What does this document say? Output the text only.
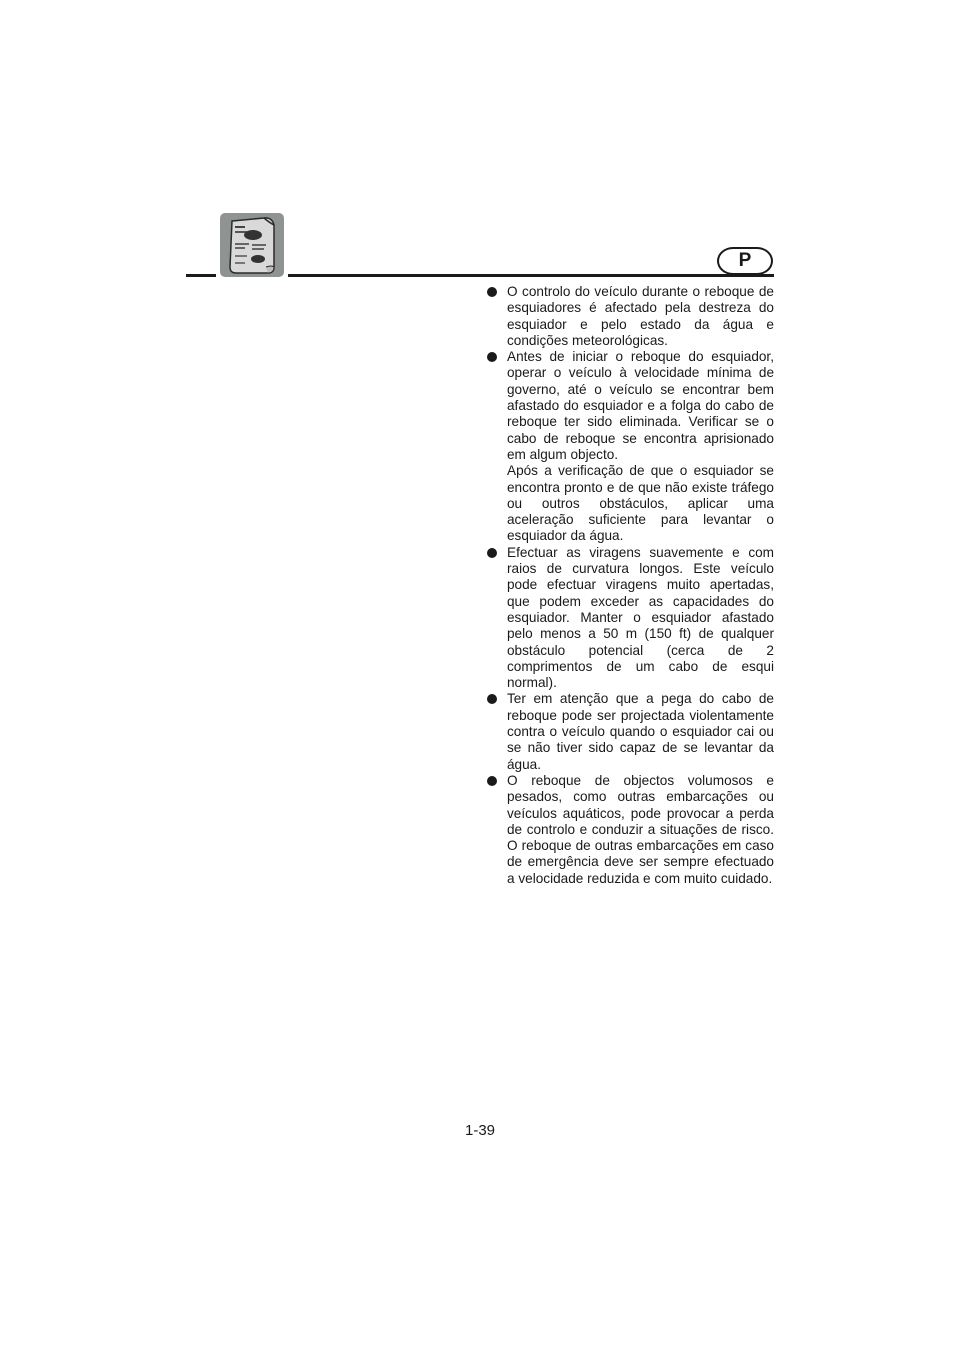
P

O controlo do veículo durante o reboque de esquiadores é afectado pela destreza do esquiador e pelo estado da água e condições meteorológicas.

Antes de iniciar o reboque do esquiador, operar o veículo à velocidade mínima de governo, até o veículo se encontrar bem afastado do esquiador e a folga do cabo de reboque ter sido eliminada. Verificar se o cabo de reboque se encontra aprisionado em algum objecto.

Após a verificação de que o esquiador se encontra pronto e de que não existe tráfego ou outros obstáculos, aplicar uma aceleração suficiente para levantar o esquiador da água.

Efectuar as viragens suavemente e com raios de curvatura longos. Este veículo pode efectuar viragens muito apertadas, que podem exceder as capacidades do esquiador. Manter o esquiador afastado pelo menos a 50 m (150 ft) de qualquer obstáculo potencial (cerca de 2 comprimentos de um cabo de esqui normal).

Ter em atenção que a pega do cabo de reboque pode ser projectada violentamente contra o veículo quando o esquiador cai ou se não tiver sido capaz de se levantar da água.

O reboque de objectos volumosos e pesados, como outras embarcações ou veículos aquáticos, pode provocar a perda de controlo e conduzir a situações de risco. O reboque de outras embarcações em caso de emergência deve ser sempre efectuado a velocidade reduzida e com muito cuidado.

1-39
